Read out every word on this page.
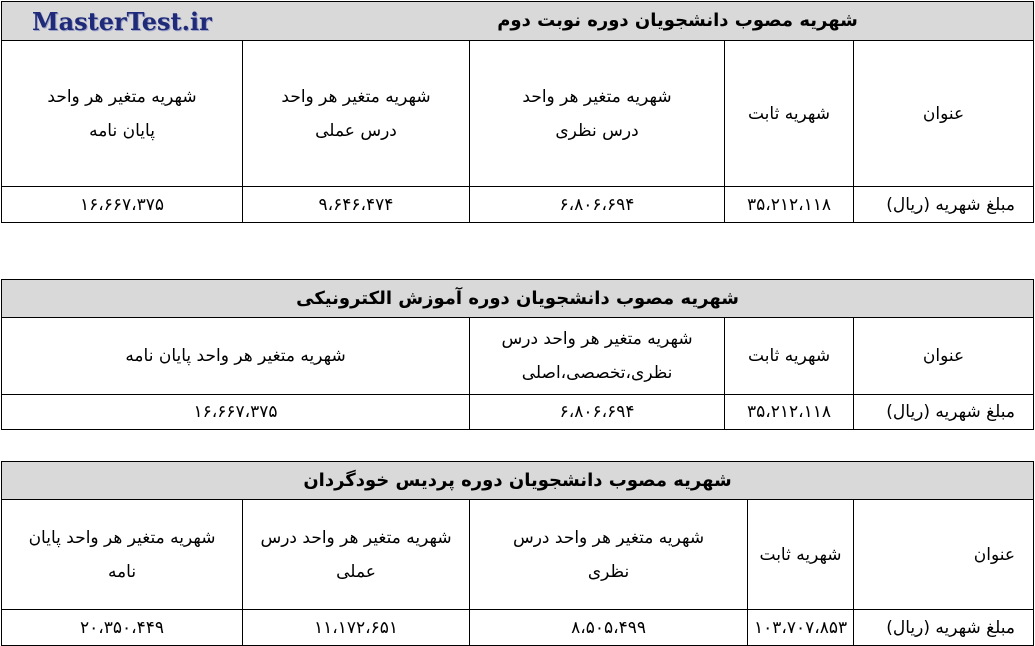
شهریه مصوب دانشجویان دوره نوبت دوم
MasterTest.ir				

عنوان	شهریه ثابت	شهریه متغیر هر واحد درس نظری	شهریه متغیر هر واحد درس عملی	شهریه متغیر هر واحد پایان نامه
مبلغ شهریه (ریال)	۳۵،۲۱۲،۱۱۸	۶،۸۰۶،۶۹۴	۹،۶۴۶،۴۷۴	۱۶،۶۶۷،۳۷۵
شهریه مصوب دانشجویان دوره آموزش الکترونیکی			
عنوان	شهریه ثابت	شهریه متغیر هر واحد درس نظری،تخصصی،اصلی	شهریه متغیر هر واحد پایان نامه
مبلغ شهریه (ریال)	۳۵،۲۱۲،۱۱۸	۶،۸۰۶،۶۹۴	۱۶،۶۶۷،۳۷۵
شهریه مصوب دانشجویان دوره پردیس خودگردان				
عنوان	شهریه ثابت	شهریه متغیر هر واحد درس نظری	شهریه متغیر هر واحد درس عملی	شهریه متغیر هر واحد پایان نامه
مبلغ شهریه (ریال)	۱۰۳،۷۰۷،۸۵۳	۸،۵۰۵،۴۹۹	۱۱،۱۷۲،۶۵۱	۲۰،۳۵۰،۴۴۹
